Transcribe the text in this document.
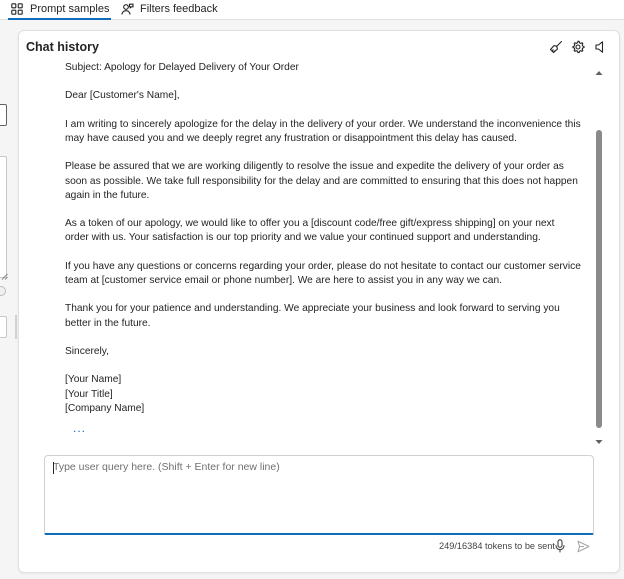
Prompt samples	Filters feedback
Chat history

Subject: Apology for Delayed Delivery of Your Order

Dear [Customer's Name],

I am writing to sincerely apologize for the delay in the delivery of your order. We understand the inconvenience this may have caused you and we deeply regret any frustration or disappointment this delay has caused.

Please be assured that we are working diligently to resolve the issue and expedite the delivery of your order as soon as possible. We take full responsibility for the delay and are committed to ensuring that this does not happen again in the future.

As a token of our apology, we would like to offer you a [discount code/free gift/express shipping] on your next order with us. Your satisfaction is our top priority and we value your continued support and understanding.

If you have any questions or concerns regarding your order, please do not hesitate to contact our customer service team at [customer service email or phone number]. We are here to assist you in any way we can.

Thank you for your patience and understanding. We appreciate your business and look forward to serving you better in the future.

Sincerely,

[Your Name]

[Your Title]

[Company Name]

...
Type user query here. (Shift + Enter for new line)
249/16384 tokens to be sent
